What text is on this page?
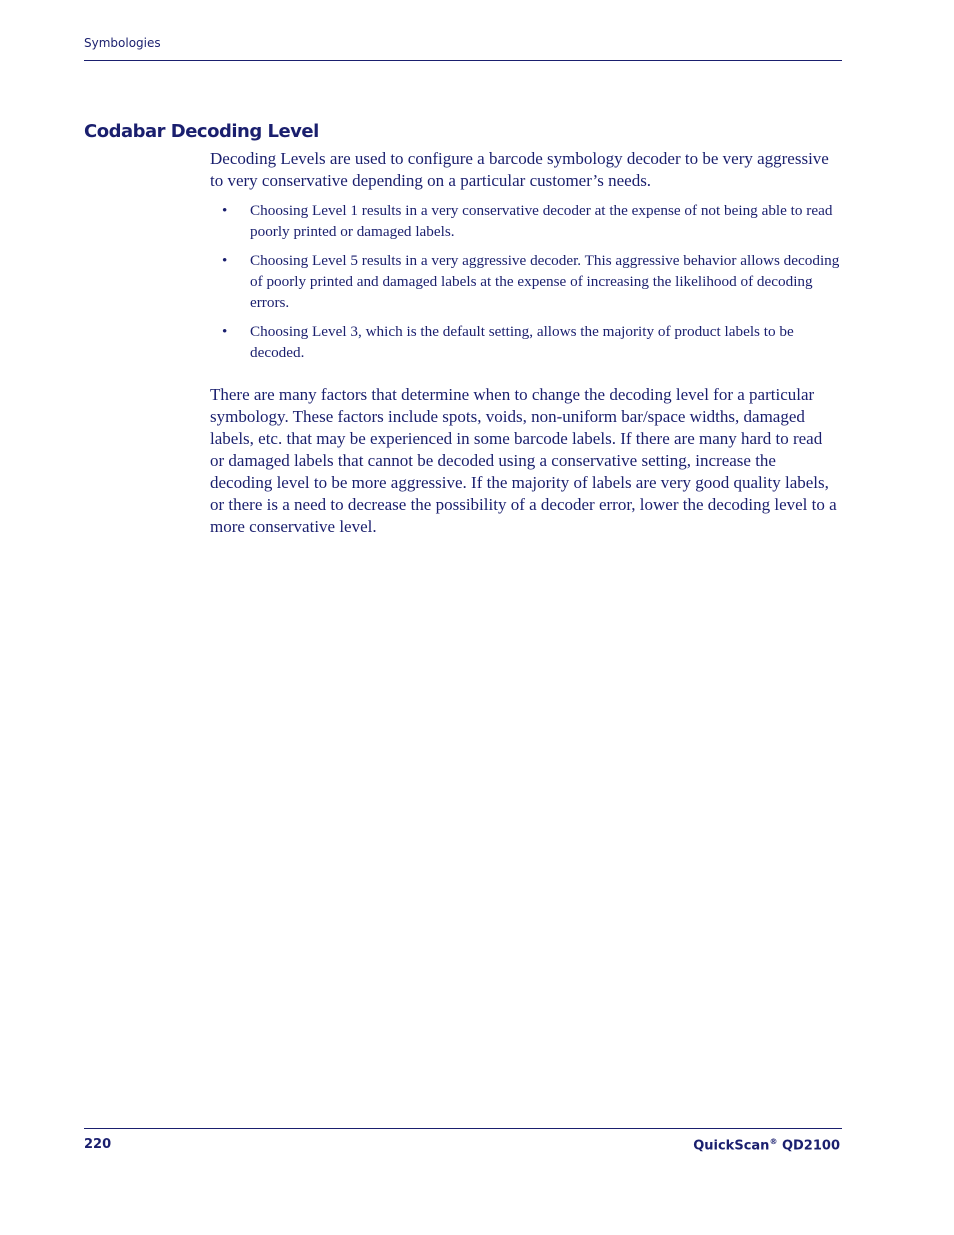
Symbologies
Codabar Decoding Level

Decoding Levels are used to configure a barcode symbology decoder to be very aggressive to very conservative depending on a particular customer’s needs.

• Choosing Level 1 results in a very conservative decoder at the expense of not being able to read poorly printed or damaged labels.
• Choosing Level 5 results in a very aggressive decoder. This aggressive behavior allows decoding of poorly printed and damaged labels at the expense of increasing the likelihood of decoding errors.
• Choosing Level 3, which is the default setting, allows the majority of product labels to be decoded.

There are many factors that determine when to change the decoding level for a particular symbology. These factors include spots, voids, non-uniform bar/space widths, damaged labels, etc. that may be experienced in some barcode labels. If there are many hard to read or damaged labels that cannot be decoded using a conservative setting, increase the decoding level to be more aggressive. If the majority of labels are very good quality labels, or there is a need to decrease the possibility of a decoder error, lower the decoding level to a more conservative level.

220	QuickScan® QD2100
